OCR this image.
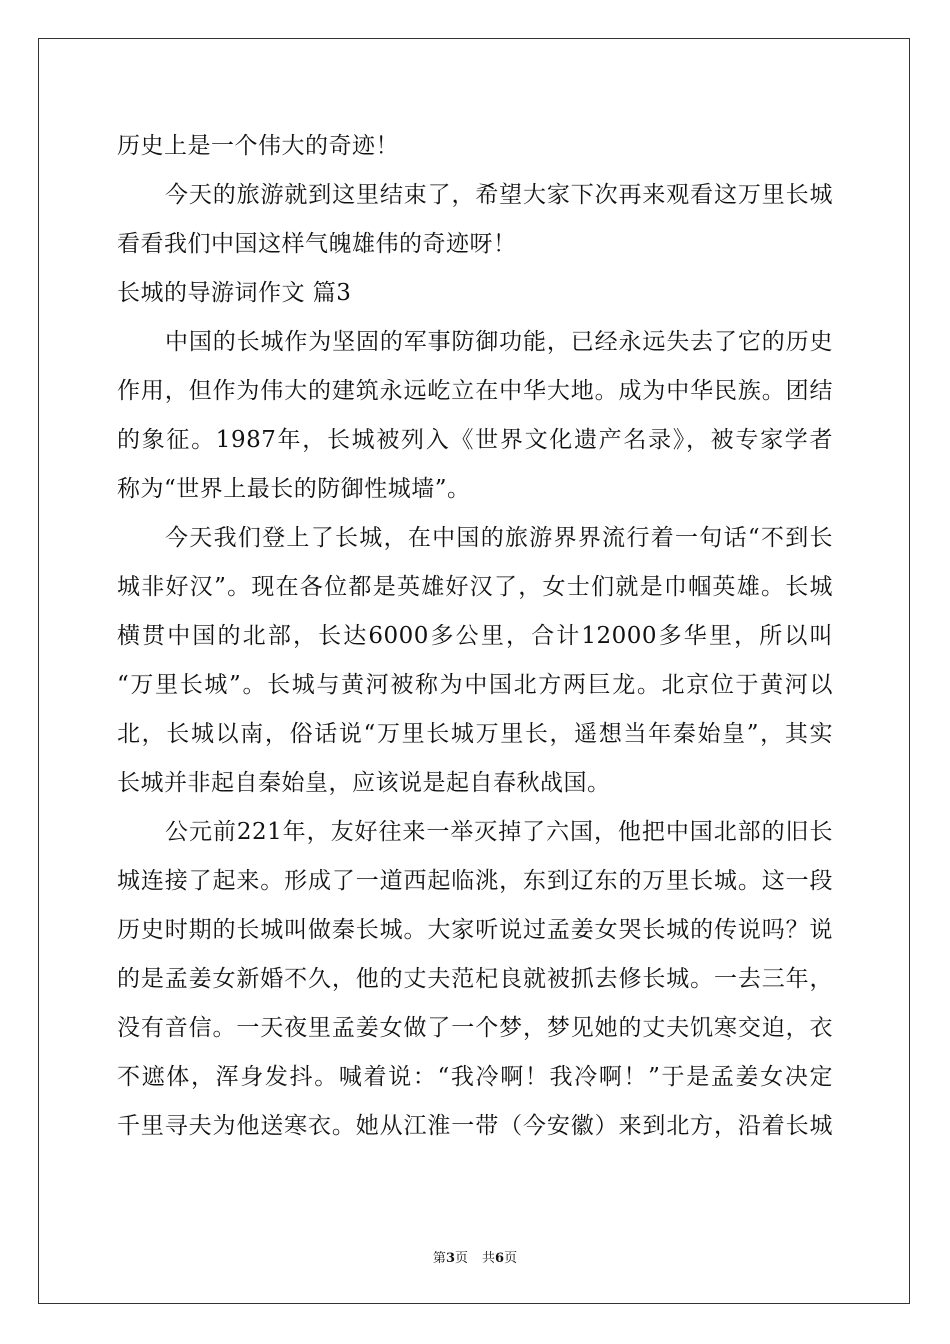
历史上是一个伟大的奇迹！
今天的旅游就到这里结束了，希望大家下次再来观看这万里长城
看看我们中国这样气魄雄伟的奇迹呀！
长城的导游词作文 篇3
中国的长城作为坚固的军事防御功能，已经永远失去了它的历史
作用，但作为伟大的建筑永远屹立在中华大地。成为中华民族。团结
的象征。1987年，长城被列入《世界文化遗产名录》，被专家学者
称为“世界上最长的防御性城墙”。
今天我们登上了长城，在中国的旅游界界流行着一句话“不到长
城非好汉”。现在各位都是英雄好汉了，女士们就是巾帼英雄。长城
横贯中国的北部，长达6000多公里，合计12000多华里，所以叫
“万里长城”。长城与黄河被称为中国北方两巨龙。北京位于黄河以
北，长城以南，俗话说“万里长城万里长，遥想当年秦始皇”，其实
长城并非起自秦始皇，应该说是起自春秋战国。
公元前221年，友好往来一举灭掉了六国，他把中国北部的旧长
城连接了起来。形成了一道西起临洮，东到辽东的万里长城。这一段
历史时期的长城叫做秦长城。大家听说过孟姜女哭长城的传说吗？说
的是孟姜女新婚不久，他的丈夫范杞良就被抓去修长城。一去三年，
没有音信。一天夜里孟姜女做了一个梦，梦见她的丈夫饥寒交迫，衣
不遮体，浑身发抖。喊着说：“我冷啊！我冷啊！”于是孟姜女决定
千里寻夫为他送寒衣。她从江淮一带（今安徽）来到北方，沿着长城
第3页 共6页
